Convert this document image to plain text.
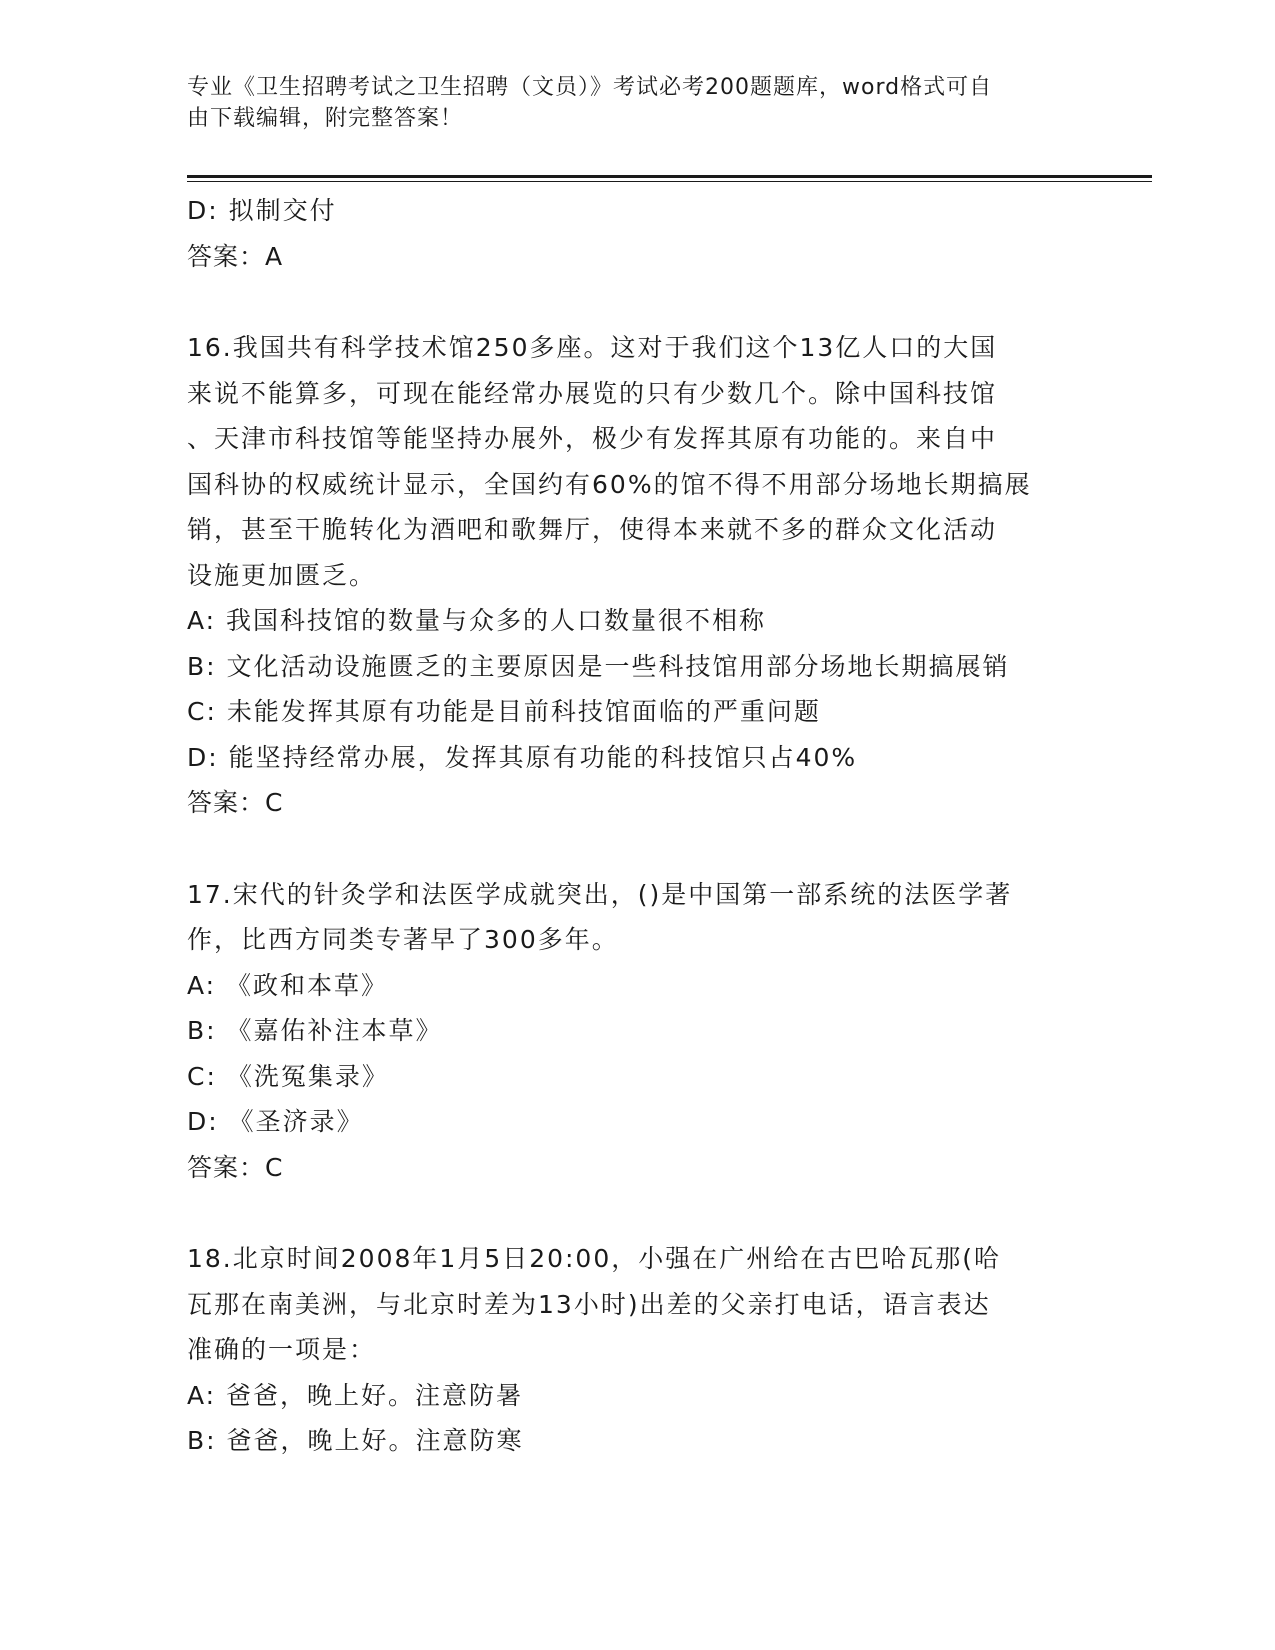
专业《卫生招聘考试之卫生招聘（文员）》考试必考200题题库，word格式可自
由下载编辑，附完整答案！
D: 拟制交付
答案：A
16.我国共有科学技术馆250多座。这对于我们这个13亿人口的大国
来说不能算多，可现在能经常办展览的只有少数几个。除中国科技馆
、天津市科技馆等能坚持办展外，极少有发挥其原有功能的。来自中
国科协的权威统计显示，全国约有60%的馆不得不用部分场地长期搞展
销，甚至干脆转化为酒吧和歌舞厅，使得本来就不多的群众文化活动
设施更加匮乏。
A: 我国科技馆的数量与众多的人口数量很不相称
B: 文化活动设施匮乏的主要原因是一些科技馆用部分场地长期搞展销
C: 未能发挥其原有功能是目前科技馆面临的严重问题
D: 能坚持经常办展，发挥其原有功能的科技馆只占40%
答案：C
17.宋代的针灸学和法医学成就突出，()是中国第一部系统的法医学著
作，比西方同类专著早了300多年。
A: 《政和本草》
B: 《嘉佑补注本草》
C: 《洗冤集录》
D: 《圣济录》
答案：C
18.北京时间2008年1月5日20:00，小强在广州给在古巴哈瓦那(哈
瓦那在南美洲，与北京时差为13小时)出差的父亲打电话，语言表达
准确的一项是：
A: 爸爸，晚上好。注意防暑
B: 爸爸，晚上好。注意防寒
